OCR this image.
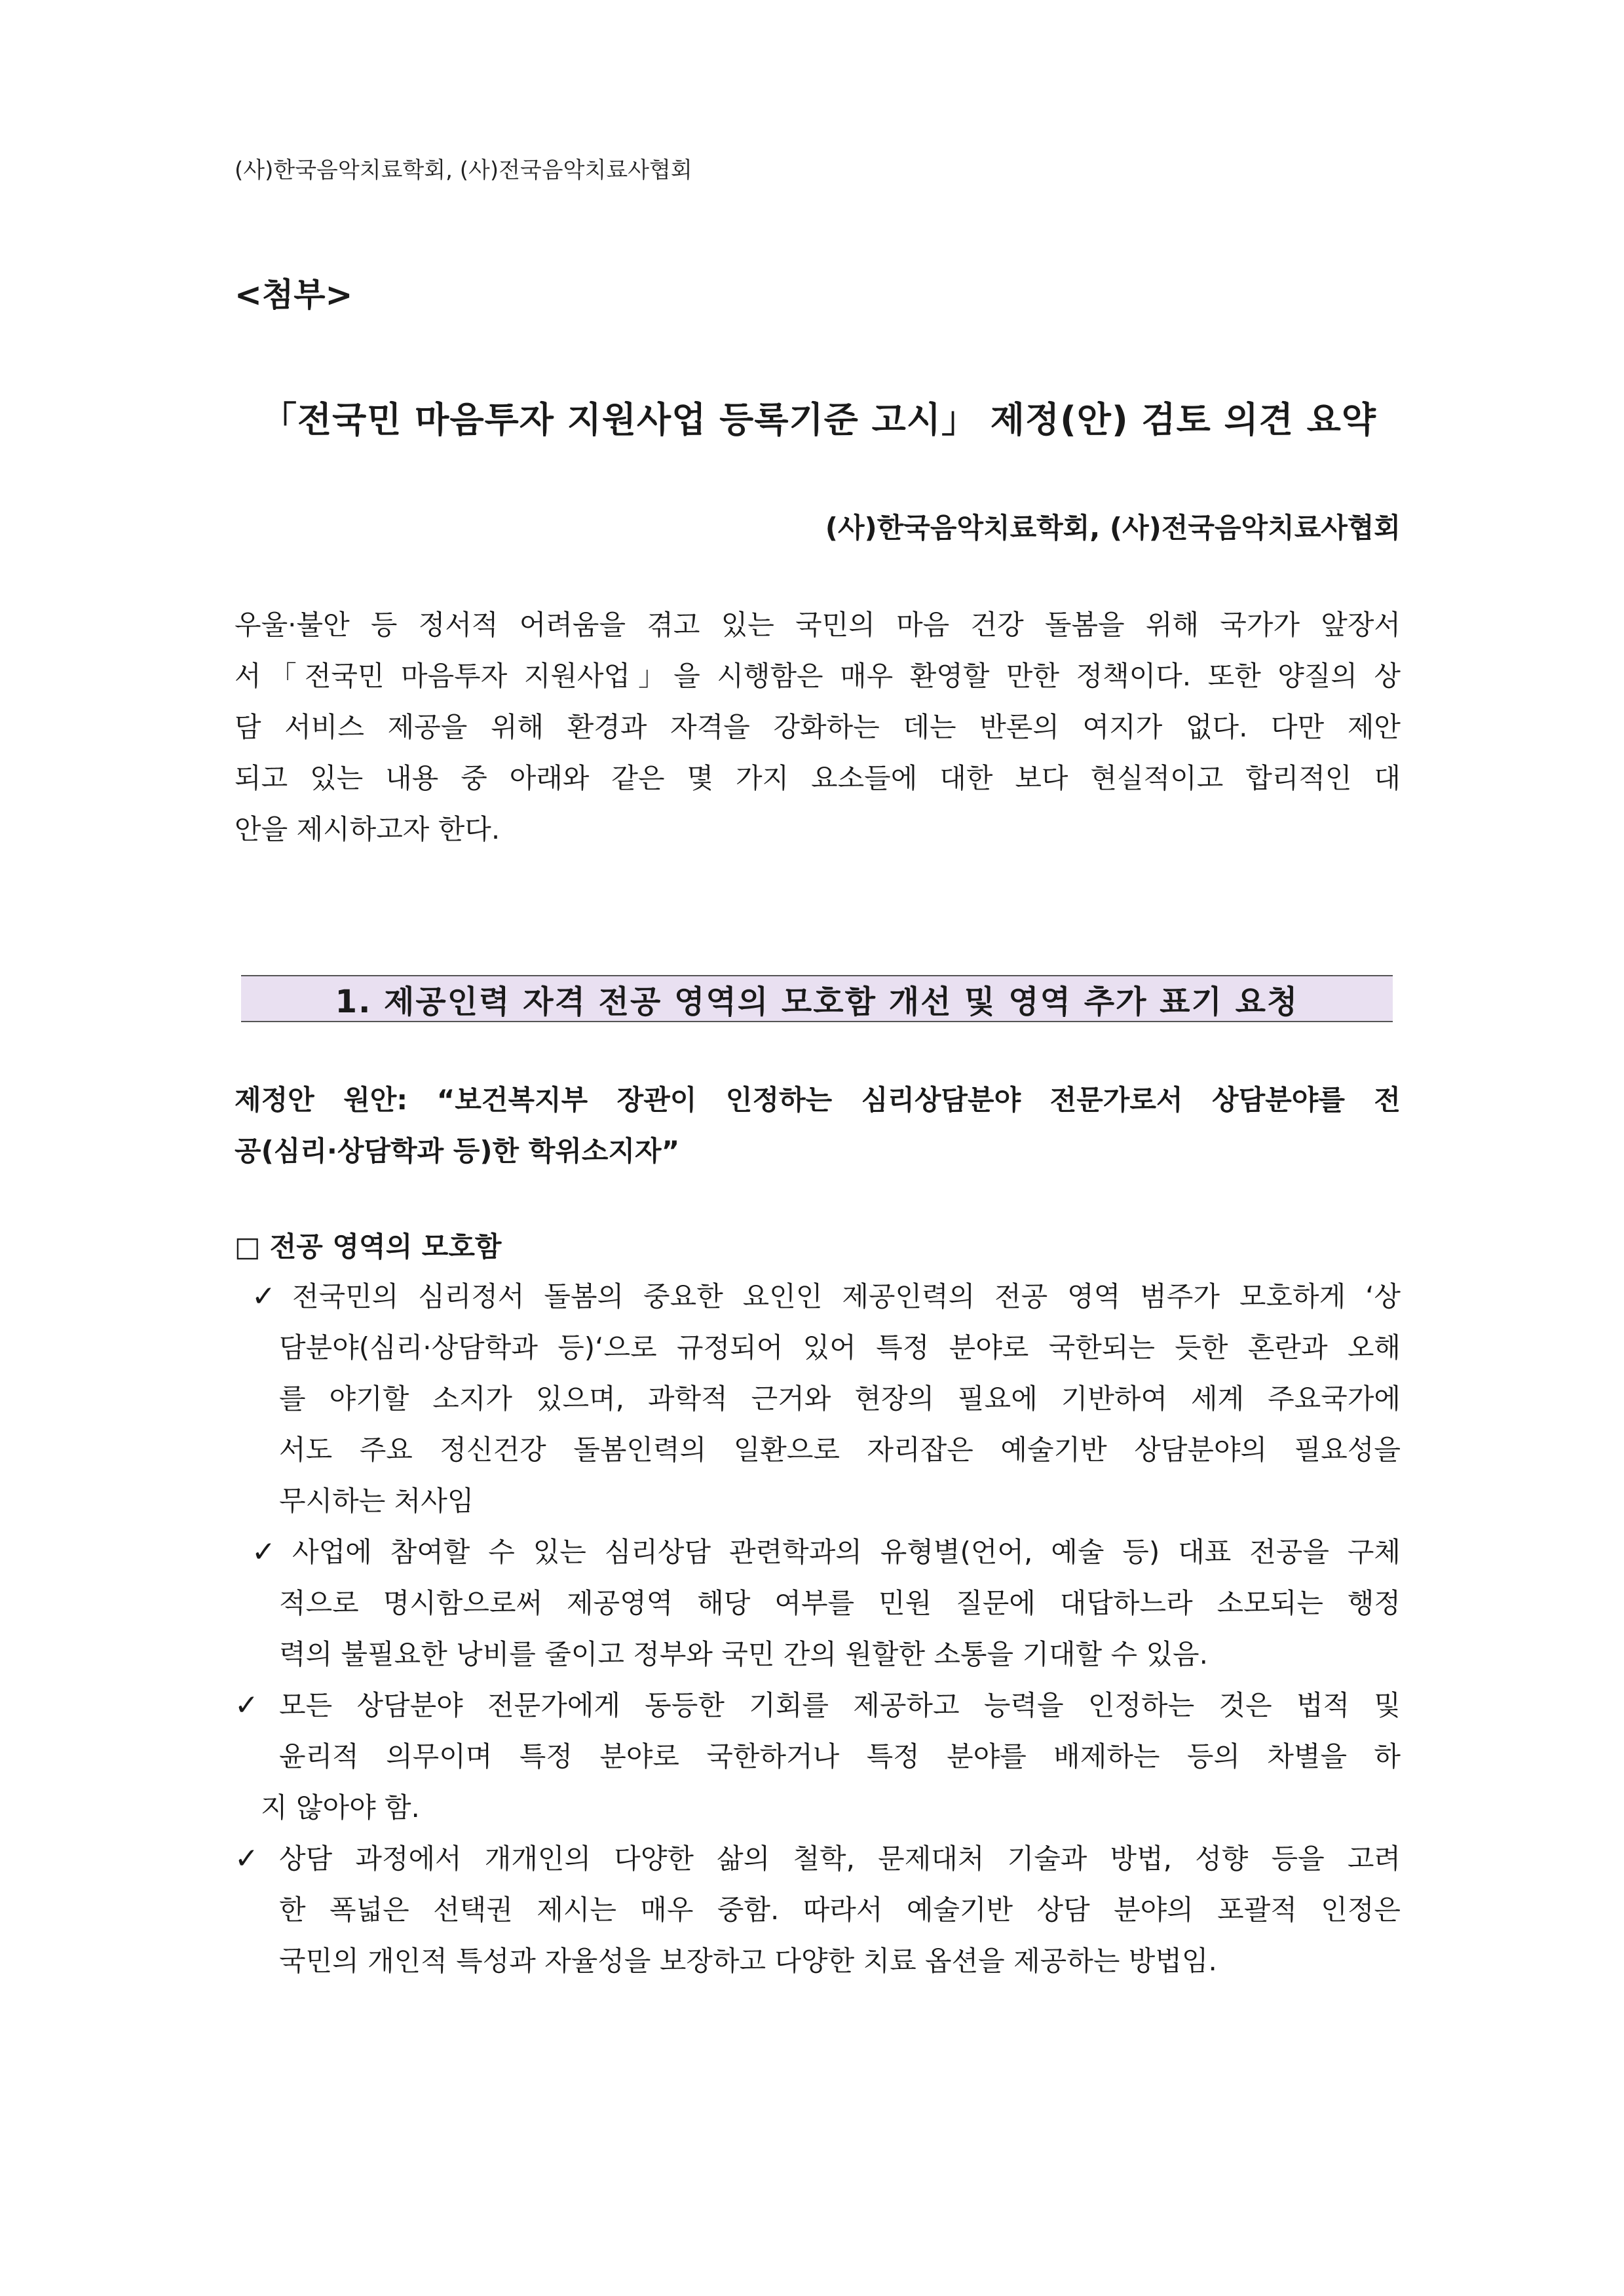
(사)한국음악치료학회, (사)전국음악치료사협회
<첨부>
「전국민 마음투자 지원사업 등록기준 고시」 제정(안) 검토 의견 요약
(사)한국음악치료학회, (사)전국음악치료사협회
우울·불안 등 정서적 어려움을 겪고 있는 국민의 마음 건강 돌봄을 위해 국가가 앞장서
서「전국민 마음투자 지원사업」을 시행함은 매우 환영할 만한 정책이다. 또한 양질의 상
담 서비스 제공을 위해 환경과 자격을 강화하는 데는 반론의 여지가 없다. 다만 제안
되고 있는 내용 중 아래와 같은 몇 가지 요소들에 대한 보다 현실적이고 합리적인 대
안을 제시하고자 한다.
1. 제공인력 자격 전공 영역의 모호함 개선 및 영역 추가 표기 요청
제정안 원안: “보건복지부 장관이 인정하는 심리상담분야 전문가로서 상담분야를 전
공(심리·상담학과 등)한 학위소지자”
□ 전공 영역의 모호함
✓ 전국민의 심리정서 돌봄의 중요한 요인인 제공인력의 전공 영역 범주가 모호하게 ‘상
담분야(심리·상담학과 등)‘으로 규정되어 있어 특정 분야로 국한되는 듯한 혼란과 오해
를 야기할 소지가 있으며, 과학적 근거와 현장의 필요에 기반하여 세계 주요국가에
서도 주요 정신건강 돌봄인력의 일환으로 자리잡은 예술기반 상담분야의 필요성을
무시하는 처사임
✓ 사업에 참여할 수 있는 심리상담 관련학과의 유형별(언어, 예술 등) 대표 전공을 구체
적으로 명시함으로써 제공영역 해당 여부를 민원 질문에 대답하느라 소모되는 행정
력의 불필요한 낭비를 줄이고 정부와 국민 간의 원할한 소통을 기대할 수 있음.
✓ 모든 상담분야 전문가에게 동등한 기회를 제공하고 능력을 인정하는 것은 법적 및
윤리적 의무이며 특정 분야로 국한하거나 특정 분야를 배제하는 등의 차별을 하
지 않아야 함.
✓ 상담 과정에서 개개인의 다양한 삶의 철학, 문제대처 기술과 방법, 성향 등을 고려
한 폭넓은 선택권 제시는 매우 중함. 따라서 예술기반 상담 분야의 포괄적 인정은
국민의 개인적 특성과 자율성을 보장하고 다양한 치료 옵션을 제공하는 방법임.
